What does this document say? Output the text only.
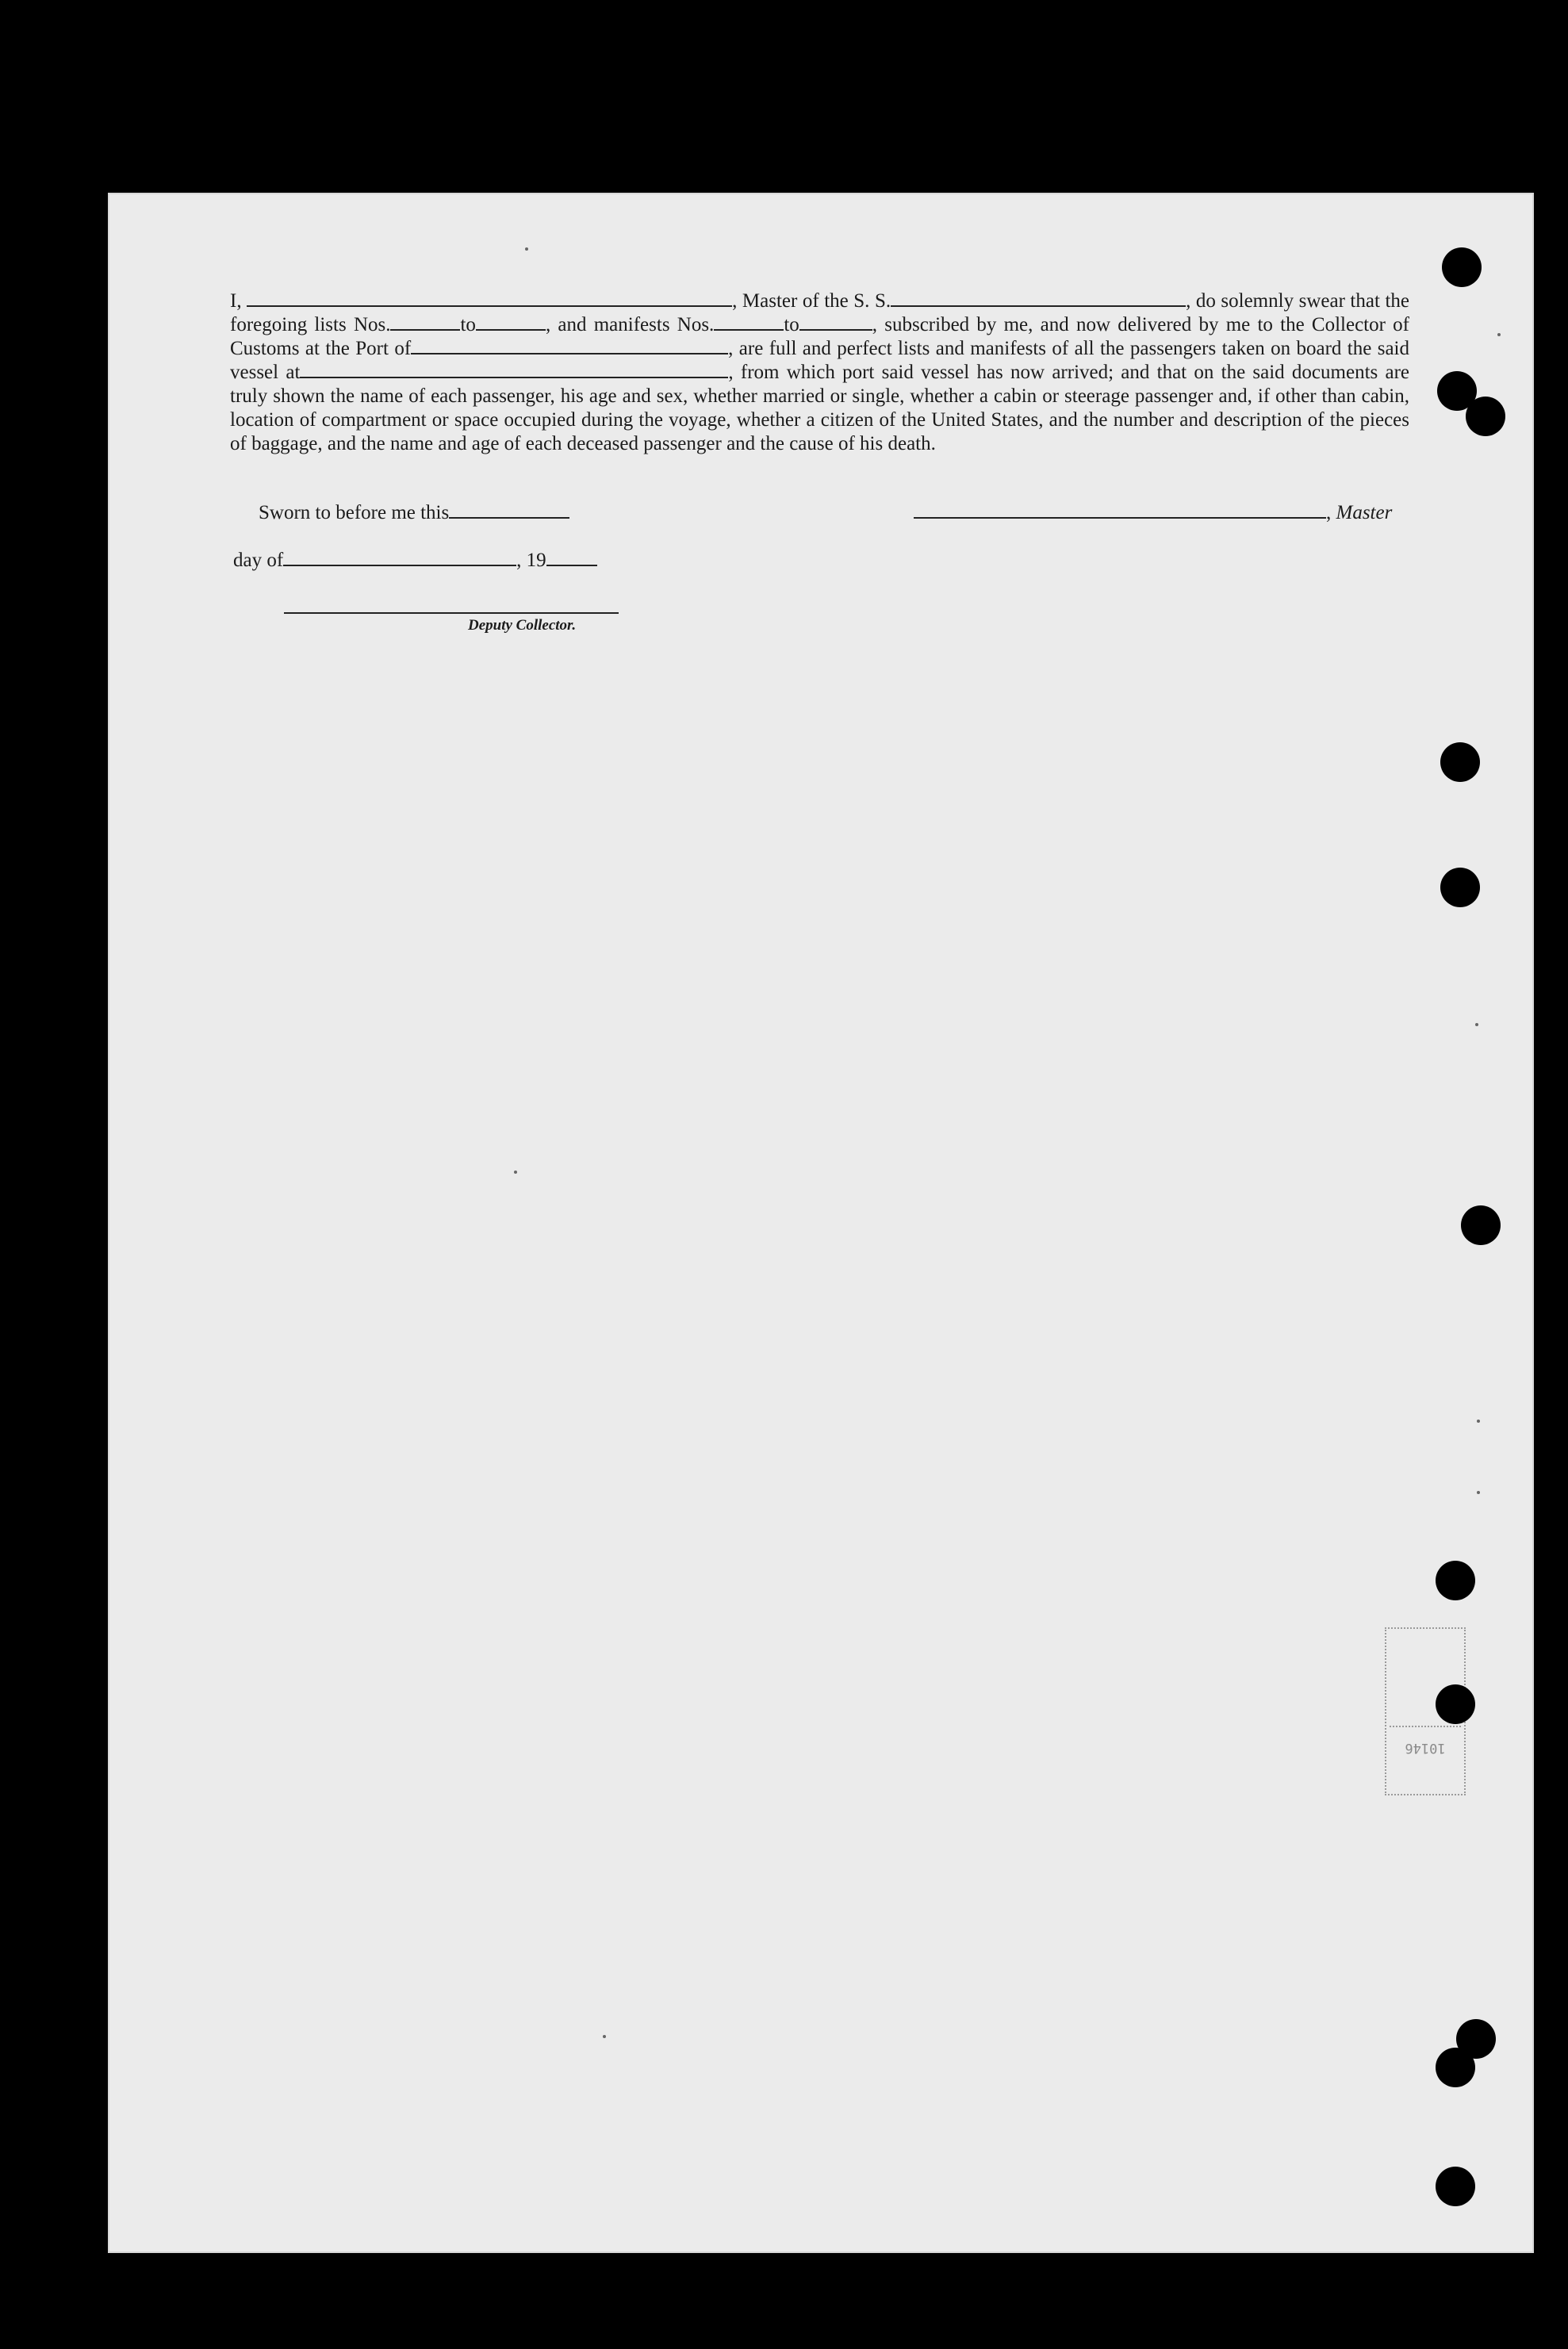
I,	, Master of the S. S.	, do solemnly swear that the foregoing lists Nos.	to	, and manifests Nos.	to	, subscribed by me, and now delivered by me to the Collector of Customs at the Port of	, are full and perfect lists and manifests of all the passengers taken on board the said vessel at	, from which port said vessel has now arrived; and that on the said documents are truly shown the name of each passenger, his age and sex, whether married or single, whether a cabin or steerage passenger and, if other than cabin, location of compartment or space occupied during the voyage, whether a citizen of the United States, and the number and description of the pieces of baggage, and the name and age of each deceased passenger and the cause of his death.

Sworn to before me this
day of	, 19
, Master
Deputy Collector.
10146
